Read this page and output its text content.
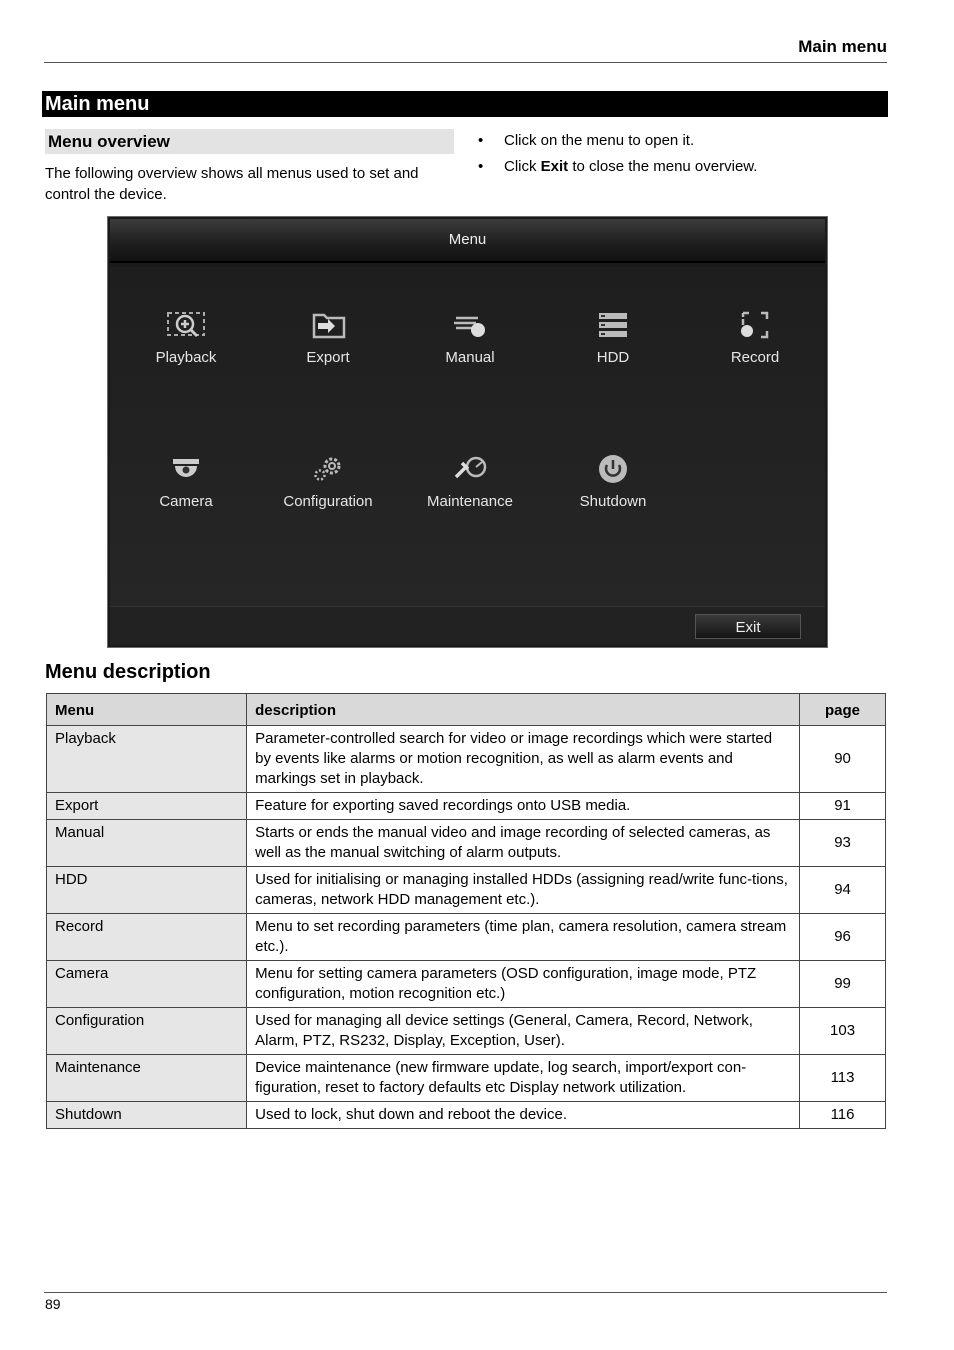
Main menu
Main menu
Menu overview
The following overview shows all menus used to set and control the device.
• Click on the menu to open it.
• Click Exit to close the menu overview.
Menu
Playback	Export	Manual	HDD	Record
Camera	Configuration	Maintenance	Shutdown
Exit
Menu description
Menu	description	page
Playback	Parameter-controlled search for video or image recordings which were started by events like alarms or motion recognition, as well as alarm events and markings set in playback.	90
Export	Feature for exporting saved recordings onto USB media.	91
Manual	Starts or ends the manual video and image recording of selected cameras, as well as the manual switching of alarm outputs.	93
HDD	Used for initialising or managing installed HDDs (assigning read/write func-tions, cameras, network HDD management etc.).	94
Record	Menu to set recording parameters (time plan, camera resolution, camera stream etc.).	96
Camera	Menu for setting camera parameters (OSD configuration, image mode, PTZ configuration, motion recognition etc.)	99
Configuration	Used for managing all device settings (General, Camera, Record, Network, Alarm, PTZ, RS232, Display, Exception, User).	103
Maintenance	Device maintenance (new firmware update, log search, import/export con-figuration, reset to factory defaults etc Display network utilization.	113
Shutdown	Used to lock, shut down and reboot the device.	116
89
